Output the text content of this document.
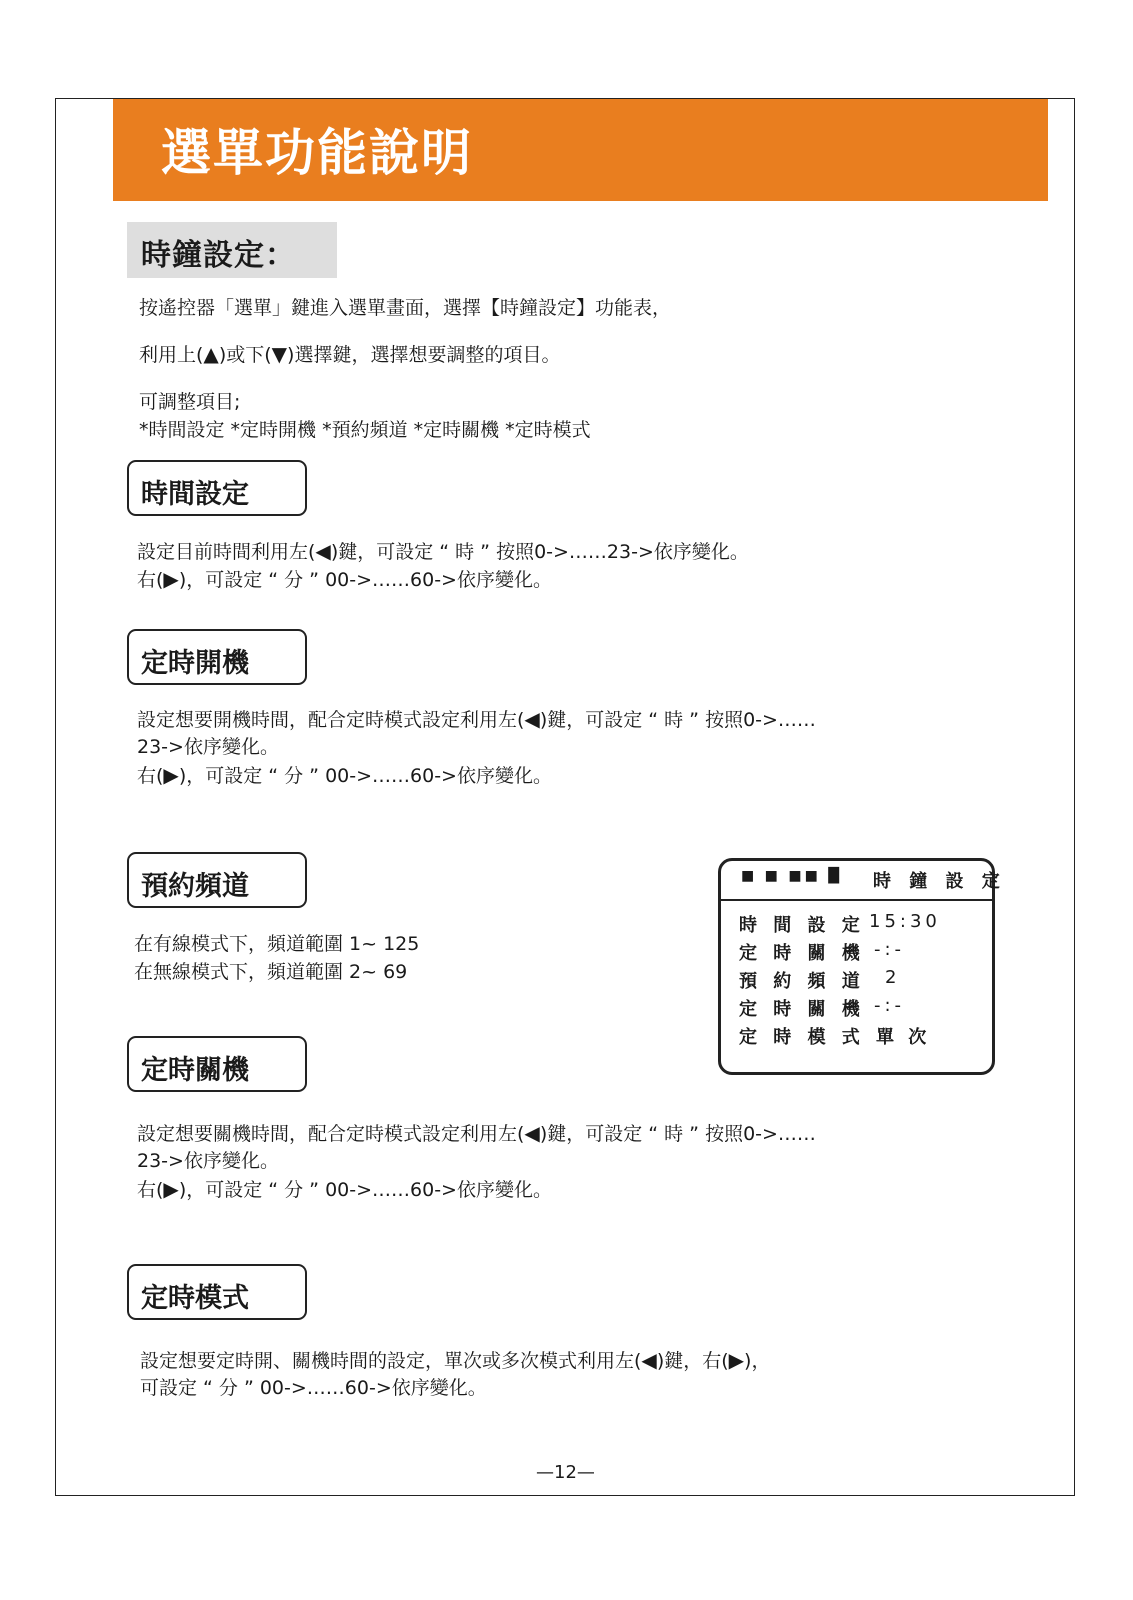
選單功能說明
時鐘設定：
按遙控器「選單」鍵進入選單畫面，選擇【時鐘設定】功能表，
利用上(▲)或下(▼)選擇鍵，選擇想要調整的項目。
可調整項目;
*時間設定 *定時開機 *預約頻道 *定時關機 *定時模式
時間設定
設定目前時間利用左(◀)鍵，可設定 “ 時 ” 按照0->……23->依序變化。
右(▶)，可設定 “ 分 ” 00->……60->依序變化。
定時開機
設定想要開機時間，配合定時模式設定利用左(◀)鍵，可設定 “ 時 ” 按照0->……
23->依序變化。
右(▶)，可設定 “ 分 ” 00->……60->依序變化。
預約頻道
在有線模式下，頻道範圍 1~ 125
在無線模式下，頻道範圍 2~ 69
■ ■ ■■ █ 時 鐘 設 定
時 間 設 定 15:30
定 時 關 機 -:-
預 約 頻 道 2
定 時 關 機 -:-
定 時 模 式 單 次
定時關機
設定想要關機時間，配合定時模式設定利用左(◀)鍵，可設定 “ 時 ” 按照0->……
23->依序變化。
右(▶)，可設定 “ 分 ” 00->……60->依序變化。
定時模式
設定想要定時開、關機時間的設定，單次或多次模式利用左(◀)鍵，右(▶)，
可設定 “ 分 ” 00->……60->依序變化。
—12—
